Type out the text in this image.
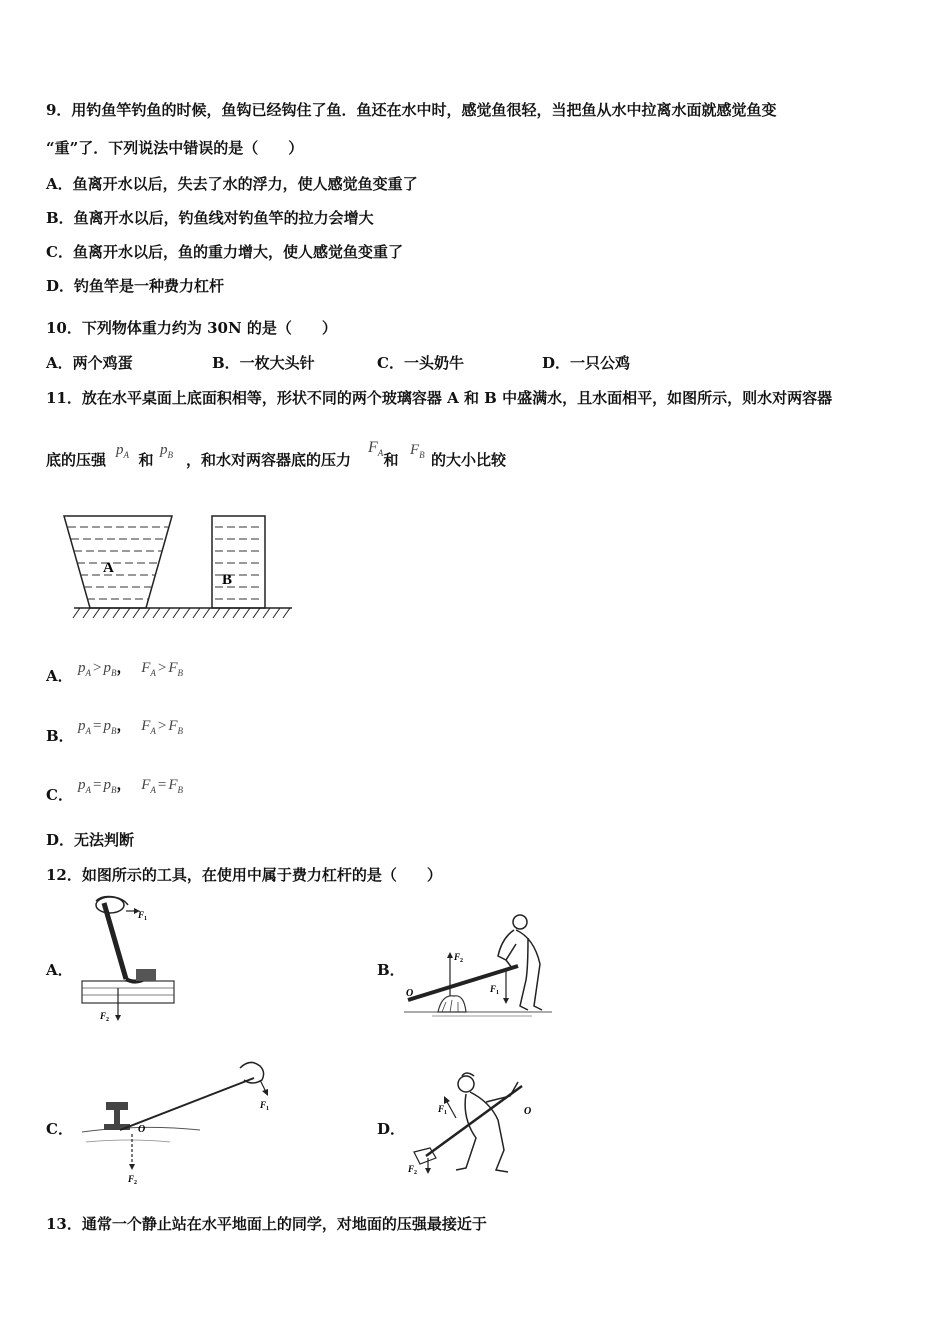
9．用钓鱼竿钓鱼的时候，鱼钩已经钩住了鱼．鱼还在水中时，感觉鱼很轻，当把鱼从水中拉离水面就感觉鱼变
“重”了．下列说法中错误的是（　　）
A．鱼离开水以后，失去了水的浮力，使人感觉鱼变重了
B．鱼离开水以后，钓鱼线对钓鱼竿的拉力会增大
C．鱼离开水以后，鱼的重力增大，使人感觉鱼变重了
D．钓鱼竿是一种费力杠杆
10．下列物体重力约为 30N 的是（　　）
A．两个鸡蛋	B．一枚大头针	C．一头奶牛	D．一只公鸡
11．放在水平桌面上底面积相等，形状不同的两个玻璃容器 A 和 B 中盛满水，且水面相平，如图所示，则水对两容器
底的压强 和 ，和水对两容器底的压力 和 的大小比较
$p_A$ $p_B$	$F_A$ $F_B$
A
B
A． $p_A > p_B$， $F_A > F_B$
B．
$p_A = p_B$， $F_A > F_B$
C．
$p_A = p_B$， $F_A = F_B$
D．无法判断
12．如图所示的工具，在使用中属于费力杠杆的是（　　）
A．
F 1
F 2
B．
F 2
F 1
O
C．
F 1
F 2
O	D．
F 1
F 2
O
13．通常一个静止站在水平地面上的同学，对地面的压强最接近于
